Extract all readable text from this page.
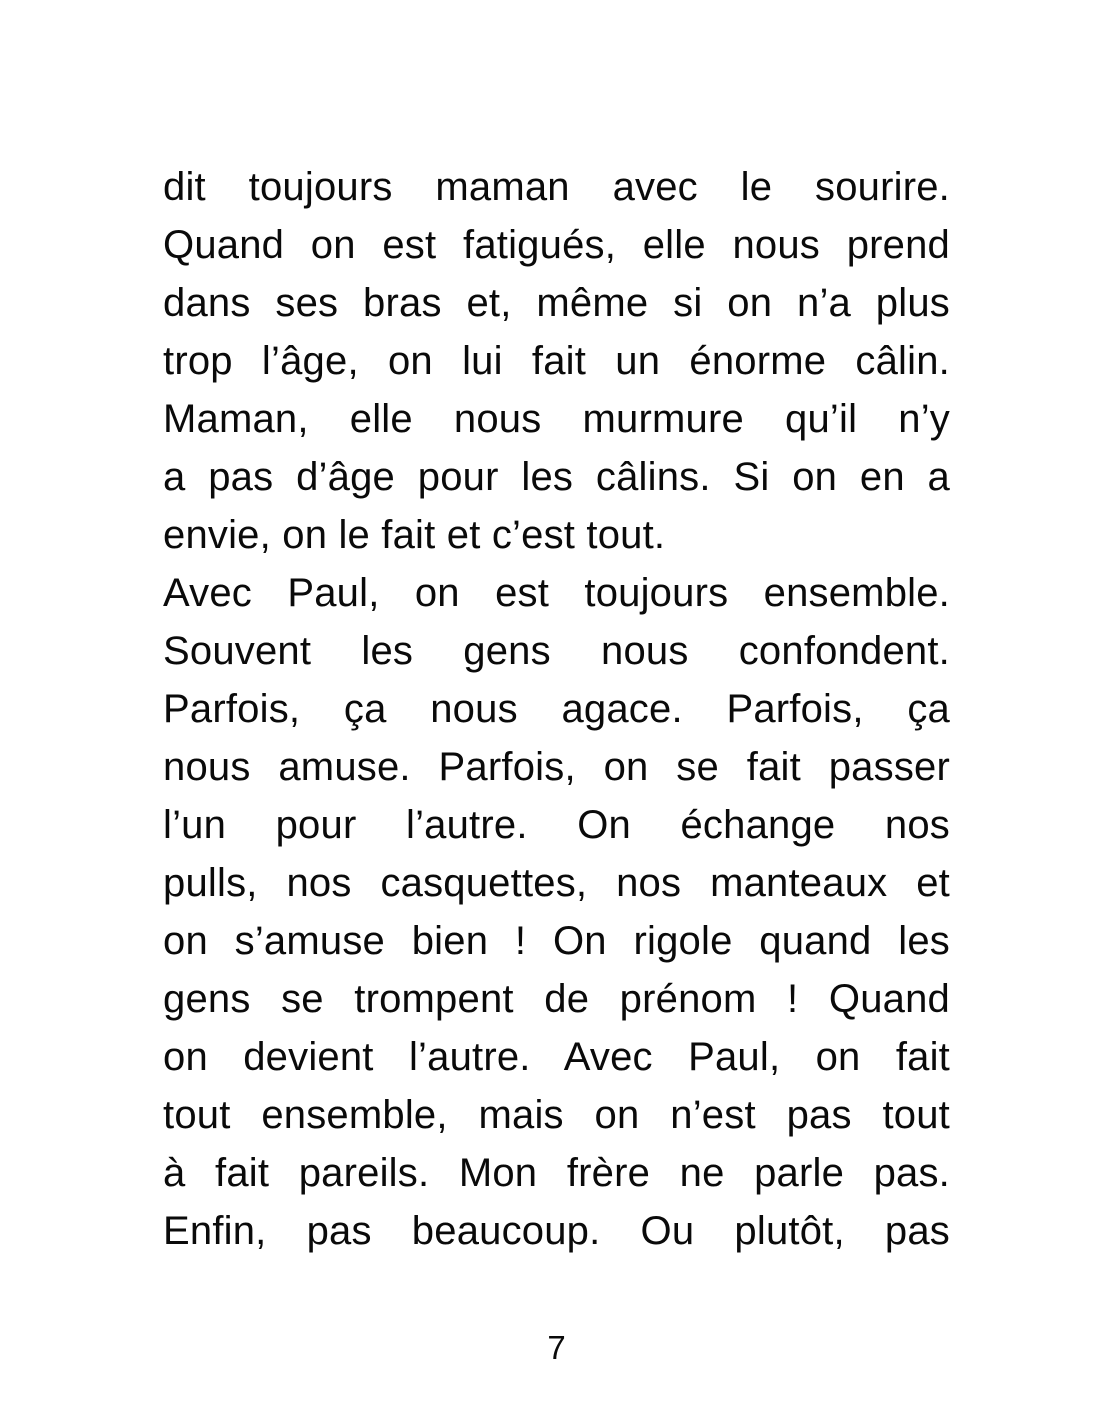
dit toujours maman avec le sourire.
Quand on est fatigués, elle nous prend
dans ses bras et, même si on n’a plus
trop l’âge, on lui fait un énorme câlin.
Maman, elle nous murmure qu’il n’y
a pas d’âge pour les câlins. Si on en a
envie, on le fait et c’est tout.
Avec Paul, on est toujours ensemble.
Souvent les gens nous confondent.
Parfois, ça nous agace. Parfois, ça
nous amuse. Parfois, on se fait passer
l’un pour l’autre. On échange nos
pulls, nos casquettes, nos manteaux et
on s’amuse bien ! On rigole quand les
gens se trompent de prénom ! Quand
on devient l’autre. Avec Paul, on fait
tout ensemble, mais on n’est pas tout
à fait pareils. Mon frère ne parle pas.
Enfin, pas beaucoup. Ou plutôt, pas
7
